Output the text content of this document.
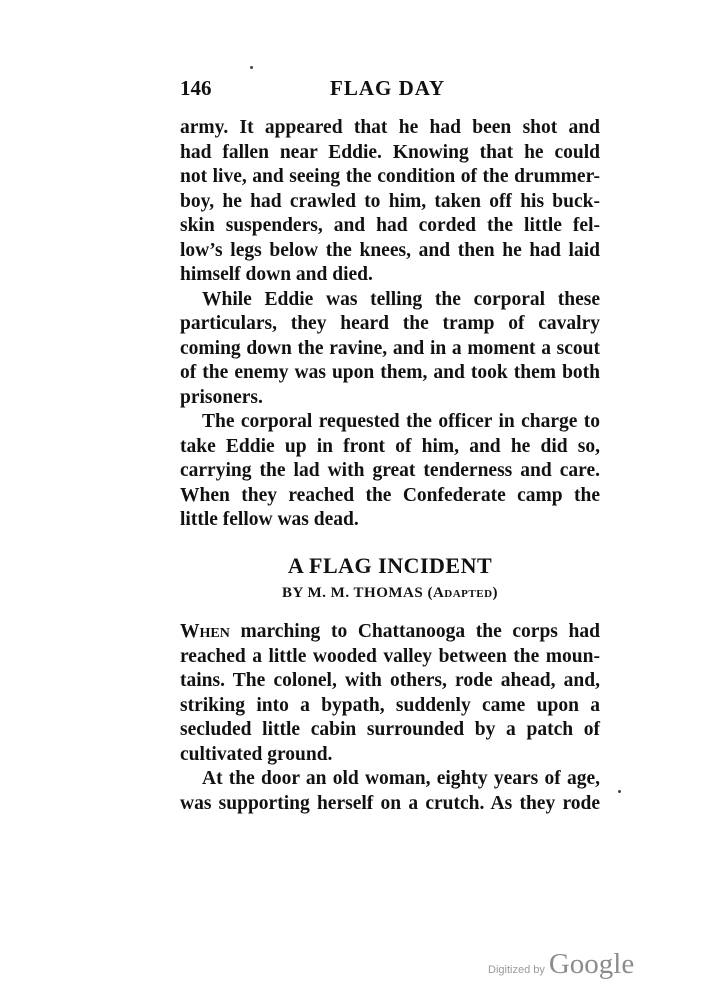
146	FLAG DAY
army. It appeared that he had been shot and
had fallen near Eddie. Knowing that he could
not live, and seeing the condition of the drummer-
boy, he had crawled to him, taken off his buck-
skin suspenders, and had corded the little fel-
low’s legs below the knees, and then he had laid
himself down and died.
While Eddie was telling the corporal these
particulars, they heard the tramp of cavalry
coming down the ravine, and in a moment a scout
of the enemy was upon them, and took them both
prisoners.
The corporal requested the officer in charge to
take Eddie up in front of him, and he did so,
carrying the lad with great tenderness and care.
When they reached the Confederate camp the
little fellow was dead.
A FLAG INCIDENT
BY M. M. THOMAS (Adapted)
When marching to Chattanooga the corps had
reached a little wooded valley between the moun-
tains. The colonel, with others, rode ahead, and,
striking into a bypath, suddenly came upon a
secluded little cabin surrounded by a patch of
cultivated ground.
At the door an old woman, eighty years of age,
was supporting herself on a crutch. As they rode
Digitized by Google
